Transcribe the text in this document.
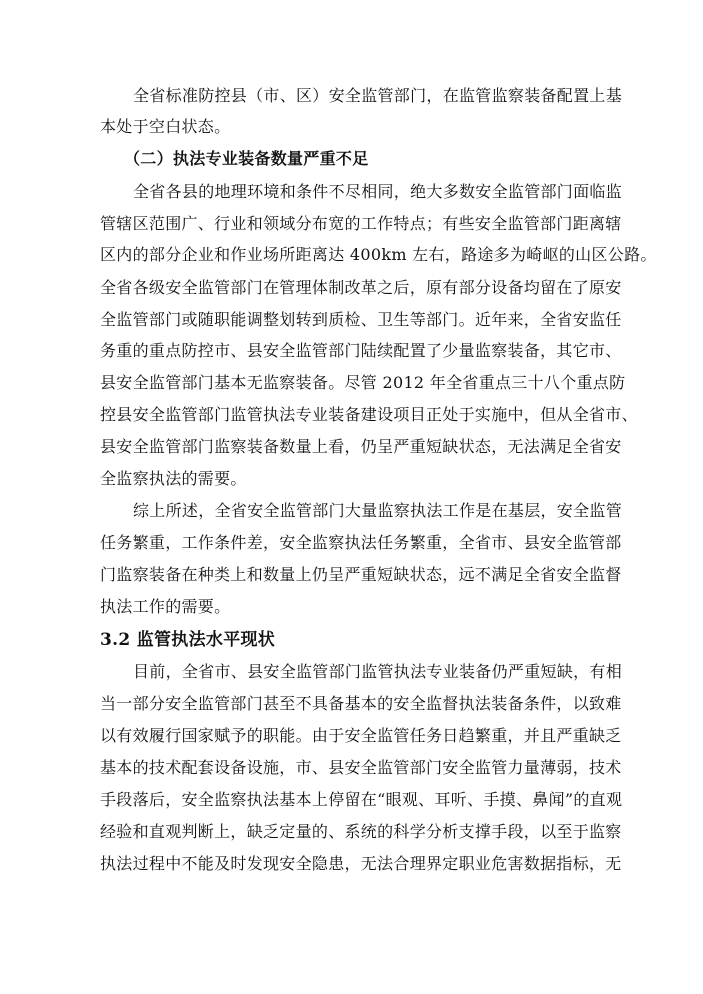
全省标准防控县（市、区）安全监管部门，在监管监察装备配置上基
本处于空白状态。
（二）执法专业装备数量严重不足
全省各县的地理环境和条件不尽相同，绝大多数安全监管部门面临监
管辖区范围广、行业和领域分布宽的工作特点；有些安全监管部门距离辖
区内的部分企业和作业场所距离达 400km 左右，路途多为崎岖的山区公路。
全省各级安全监管部门在管理体制改革之后，原有部分设备均留在了原安
全监管部门或随职能调整划转到质检、卫生等部门。近年来，全省安监任
务重的重点防控市、县安全监管部门陆续配置了少量监察装备，其它市、
县安全监管部门基本无监察装备。尽管 2012 年全省重点三十八个重点防
控县安全监管部门监管执法专业装备建设项目正处于实施中，但从全省市、
县安全监管部门监察装备数量上看，仍呈严重短缺状态，无法满足全省安
全监察执法的需要。
综上所述，全省安全监管部门大量监察执法工作是在基层，安全监管
任务繁重，工作条件差，安全监察执法任务繁重，全省市、县安全监管部
门监察装备在种类上和数量上仍呈严重短缺状态，远不满足全省安全监督
执法工作的需要。
3.2 监管执法水平现状
目前，全省市、县安全监管部门监管执法专业装备仍严重短缺，有相
当一部分安全监管部门甚至不具备基本的安全监督执法装备条件，以致难
以有效履行国家赋予的职能。由于安全监管任务日趋繁重，并且严重缺乏
基本的技术配套设备设施，市、县安全监管部门安全监管力量薄弱，技术
手段落后，安全监察执法基本上停留在“眼观、耳听、手摸、鼻闻”的直观
经验和直观判断上，缺乏定量的、系统的科学分析支撑手段，以至于监察
执法过程中不能及时发现安全隐患，无法合理界定职业危害数据指标，无
